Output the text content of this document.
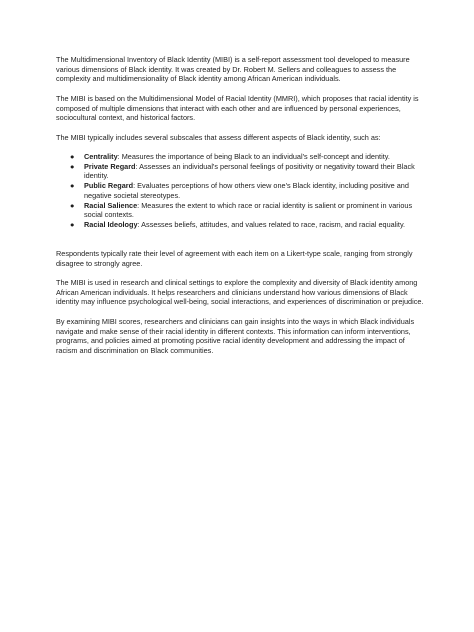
The Multidimensional Inventory of Black Identity (MIBI) is a self-report assessment tool developed to measure various dimensions of Black identity. It was created by Dr. Robert M. Sellers and colleagues to assess the complexity and multidimensionality of Black identity among African American individuals.

The MIBI is based on the Multidimensional Model of Racial Identity (MMRI), which proposes that racial identity is composed of multiple dimensions that interact with each other and are influenced by personal experiences, sociocultural context, and historical factors.

The MIBI typically includes several subscales that assess different aspects of Black identity, such as:

● Centrality: Measures the importance of being Black to an individual's self-concept and identity.
● Private Regard: Assesses an individual's personal feelings of positivity or negativity toward their Black identity.
● Public Regard: Evaluates perceptions of how others view one's Black identity, including positive and negative societal stereotypes.
● Racial Salience: Measures the extent to which race or racial identity is salient or prominent in various social contexts.
● Racial Ideology: Assesses beliefs, attitudes, and values related to race, racism, and racial equality.

Respondents typically rate their level of agreement with each item on a Likert-type scale, ranging from strongly disagree to strongly agree.

The MIBI is used in research and clinical settings to explore the complexity and diversity of Black identity among African American individuals. It helps researchers and clinicians understand how various dimensions of Black identity may influence psychological well-being, social interactions, and experiences of discrimination or prejudice.

By examining MIBI scores, researchers and clinicians can gain insights into the ways in which Black individuals navigate and make sense of their racial identity in different contexts. This information can inform interventions, programs, and policies aimed at promoting positive racial identity development and addressing the impact of racism and discrimination on Black communities.
